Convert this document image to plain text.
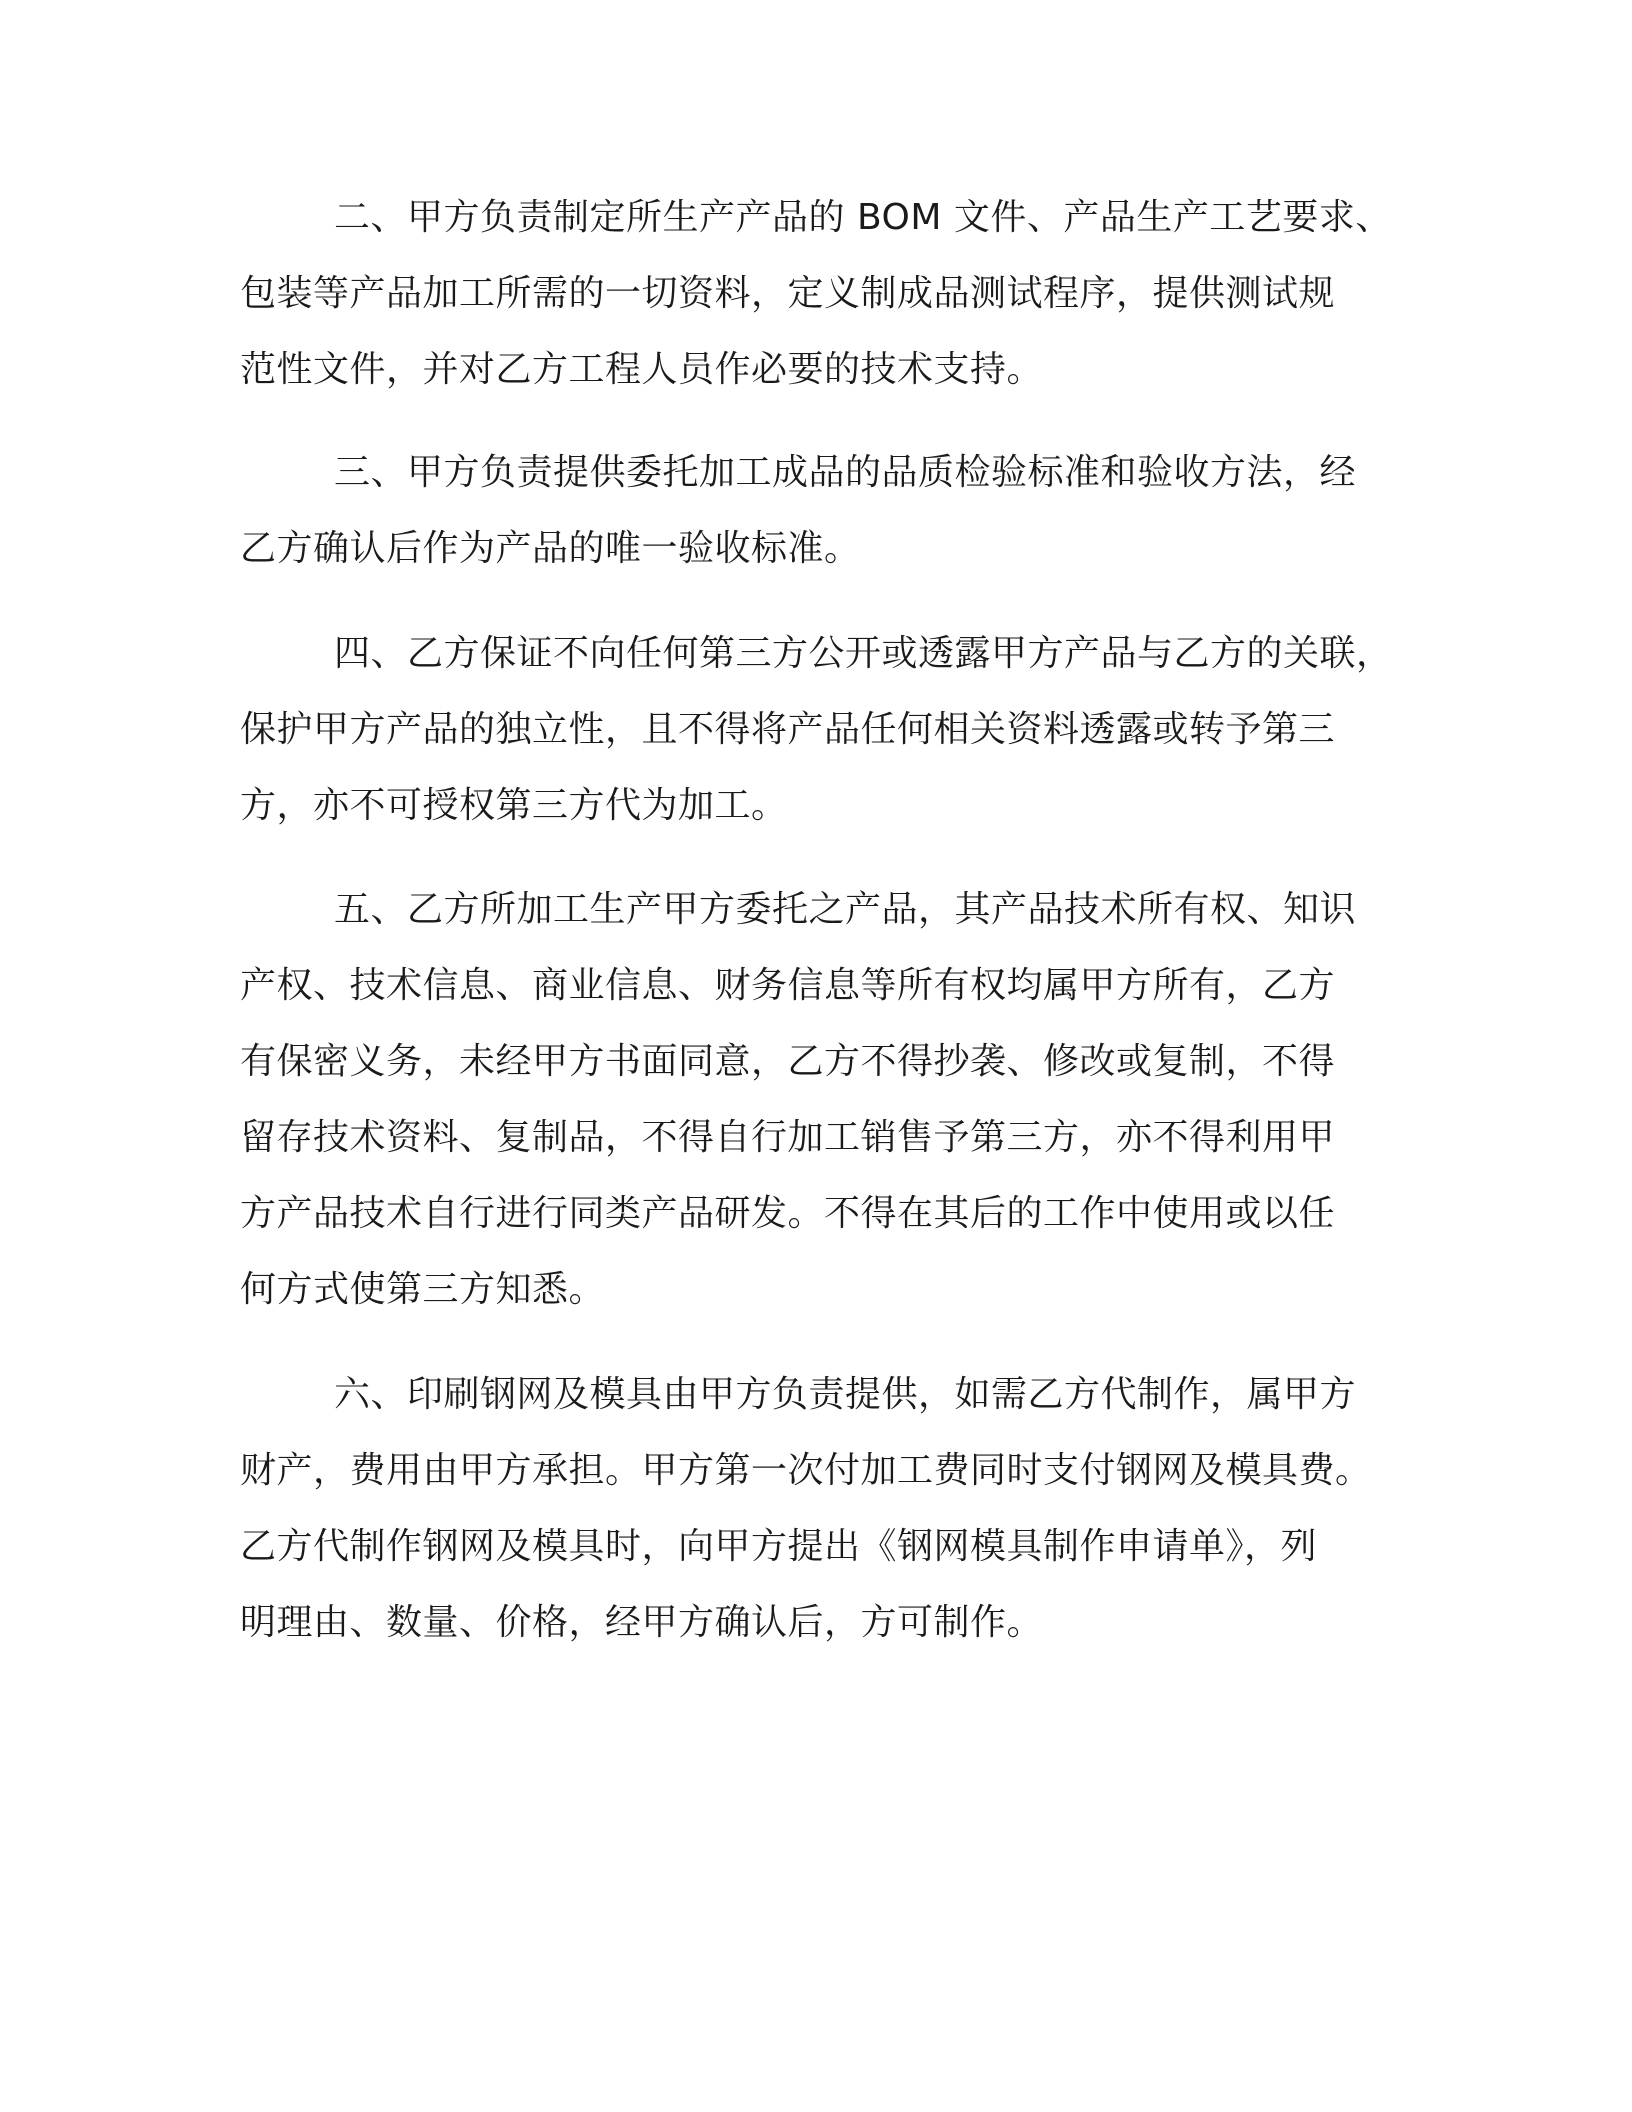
二、甲方负责制定所生产产品的 BOM 文件、产品生产工艺要求、

包装等产品加工所需的一切资料，定义制成品测试程序，提供测试规

范性文件，并对乙方工程人员作必要的技术支持。

三、甲方负责提供委托加工成品的品质检验标准和验收方法，经

乙方确认后作为产品的唯一验收标准。

四、乙方保证不向任何第三方公开或透露甲方产品与乙方的关联，

保护甲方产品的独立性，且不得将产品任何相关资料透露或转予第三

方，亦不可授权第三方代为加工。

五、乙方所加工生产甲方委托之产品，其产品技术所有权、知识

产权、技术信息、商业信息、财务信息等所有权均属甲方所有，乙方

有保密义务，未经甲方书面同意，乙方不得抄袭、修改或复制，不得

留存技术资料、复制品，不得自行加工销售予第三方，亦不得利用甲

方产品技术自行进行同类产品研发。不得在其后的工作中使用或以任

何方式使第三方知悉。

六、印刷钢网及模具由甲方负责提供，如需乙方代制作，属甲方

财产，费用由甲方承担。甲方第一次付加工费同时支付钢网及模具费。

乙方代制作钢网及模具时，向甲方提出《钢网模具制作申请单》，列

明理由、数量、价格，经甲方确认后，方可制作。
